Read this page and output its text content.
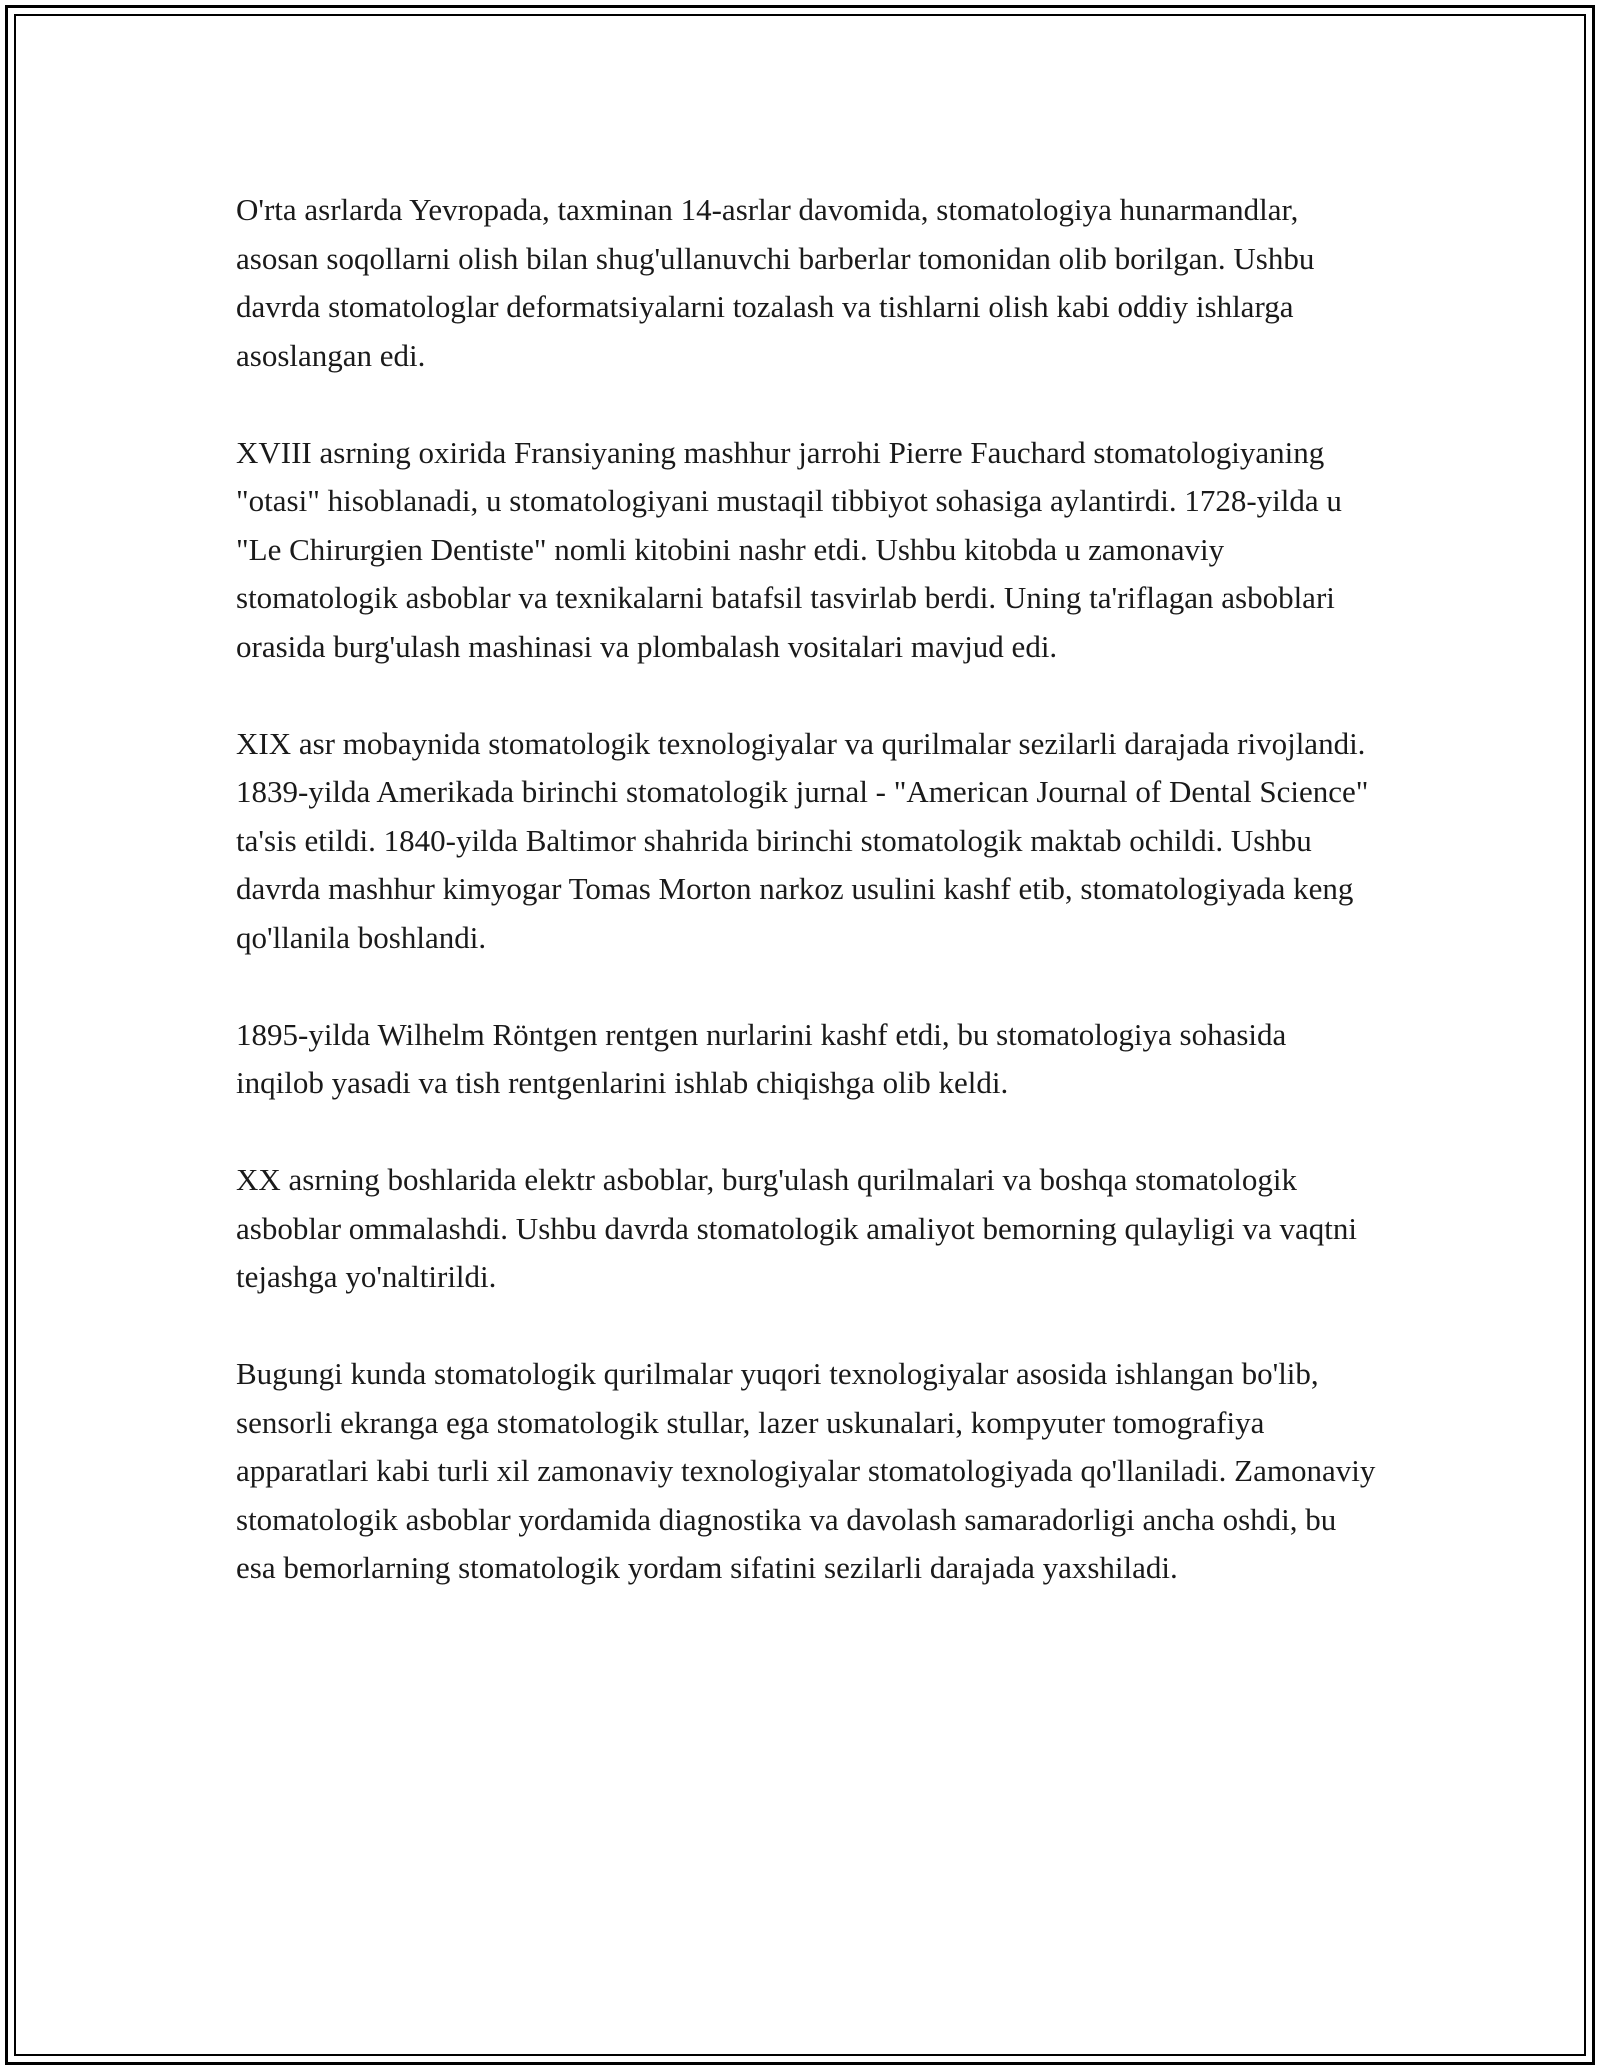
O'rta asrlarda Yevropada, taxminan 14-asrlar davomida, stomatologiya hunarmandlar, asosan soqollarni olish bilan shug'ullanuvchi barberlar tomonidan olib borilgan. Ushbu davrda stomatologlar deformatsiyalarni tozalash va tishlarni olish kabi oddiy ishlarga asoslangan edi.

XVIII asrning oxirida Fransiyaning mashhur jarrohi Pierre Fauchard stomatologiyaning "otasi" hisoblanadi, u stomatologiyani mustaqil tibbiyot sohasiga aylantirdi. 1728-yilda u "Le Chirurgien Dentiste" nomli kitobini nashr etdi. Ushbu kitobda u zamonaviy stomatologik asboblar va texnikalarni batafsil tasvirlab berdi. Uning ta'riflagan asboblari orasida burg'ulash mashinasi va plombalash vositalari mavjud edi.

XIX asr mobaynida stomatologik texnologiyalar va qurilmalar sezilarli darajada rivojlandi. 1839-yilda Amerikada birinchi stomatologik jurnal - "American Journal of Dental Science" ta'sis etildi. 1840-yilda Baltimor shahrida birinchi stomatologik maktab ochildi. Ushbu davrda mashhur kimyogar Tomas Morton narkoz usulini kashf etib, stomatologiyada keng qo'llanila boshlandi.

1895-yilda Wilhelm Röntgen rentgen nurlarini kashf etdi, bu stomatologiya sohasida inqilob yasadi va tish rentgenlarini ishlab chiqishga olib keldi.

XX asrning boshlarida elektr asboblar, burg'ulash qurilmalari va boshqa stomatologik asboblar ommalashdi. Ushbu davrda stomatologik amaliyot bemorning qulayligi va vaqtni tejashga yo'naltirildi.

Bugungi kunda stomatologik qurilmalar yuqori texnologiyalar asosida ishlangan bo'lib, sensorli ekranga ega stomatologik stullar, lazer uskunalari, kompyuter tomografiya apparatlari kabi turli xil zamonaviy texnologiyalar stomatologiyada qo'llaniladi. Zamonaviy stomatologik asboblar yordamida diagnostika va davolash samaradorligi ancha oshdi, bu esa bemorlarning stomatologik yordam sifatini sezilarli darajada yaxshiladi.
